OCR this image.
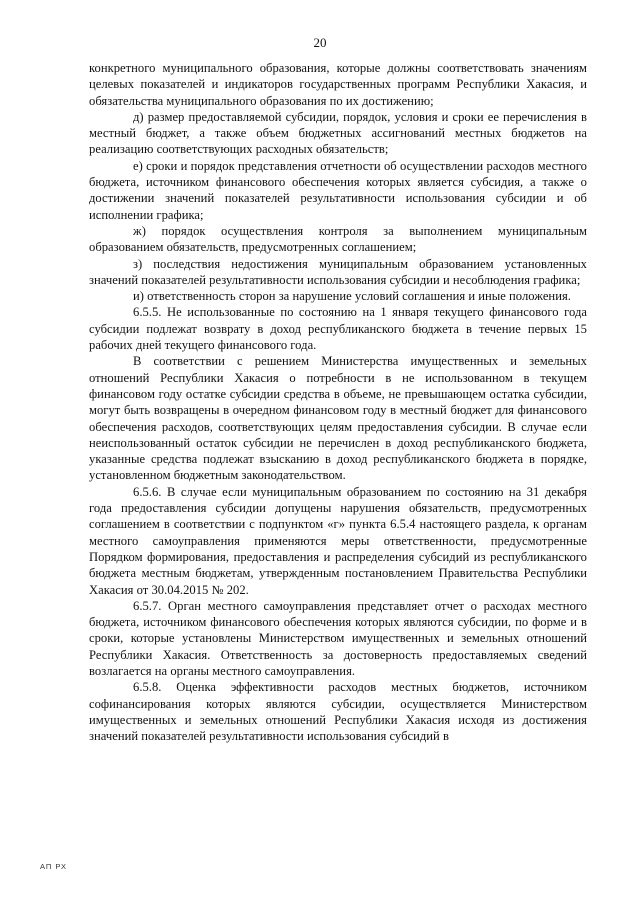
20

конкретного муниципального образования, которые должны соответствовать значениям целевых показателей и индикаторов государственных программ Республики Хакасия, и обязательства муниципального образования по их достижению;

д) размер предоставляемой субсидии, порядок, условия и сроки ее перечисления в местный бюджет, а также объем бюджетных ассигнований местных бюджетов на реализацию соответствующих расходных обязательств;

е) сроки и порядок представления отчетности об осуществлении расходов местного бюджета, источником финансового обеспечения которых является субсидия, а также о достижении значений показателей результативности использования субсидии и об исполнении графика;

ж) порядок осуществления контроля за выполнением муниципальным образованием обязательств, предусмотренных соглашением;

з) последствия недостижения муниципальным образованием установленных значений показателей результативности использования субсидии и несоблюдения графика;

и) ответственность сторон за нарушение условий соглашения и иные положения.

6.5.5. Не использованные по состоянию на 1 января текущего финансового года субсидии подлежат возврату в доход республиканского бюджета в течение первых 15 рабочих дней текущего финансового года.

В соответствии с решением Министерства имущественных и земельных отношений Республики Хакасия о потребности в не использованном в текущем финансовом году остатке субсидии средства в объеме, не превышающем остатка субсидии, могут быть возвращены в очередном финансовом году в местный бюджет для финансового обеспечения расходов, соответствующих целям предоставления субсидии. В случае если неиспользованный остаток субсидии не перечислен в доход республиканского бюджета, указанные средства подлежат взысканию в доход республиканского бюджета в порядке, установленном бюджетным законодательством.

6.5.6. В случае если муниципальным образованием по состоянию на 31 декабря года предоставления субсидии допущены нарушения обязательств, предусмотренных соглашением в соответствии с подпунктом «г» пункта 6.5.4 настоящего раздела, к органам местного самоуправления применяются меры ответственности, предусмотренные Порядком формирования, предоставления и распределения субсидий из республиканского бюджета местным бюджетам, утвержденным постановлением Правительства Республики Хакасия от 30.04.2015 № 202.

6.5.7. Орган местного самоуправления представляет отчет о расходах местного бюджета, источником финансового обеспечения которых являются субсидии, по форме и в сроки, которые установлены Министерством имущественных и земельных отношений Республики Хакасия. Ответственность за достоверность предоставляемых сведений возлагается на органы местного самоуправления.

6.5.8. Оценка эффективности расходов местных бюджетов, источником софинансирования которых являются субсидии, осуществляется Министерством имущественных и земельных отношений Республики Хакасия исходя из достижения значений показателей результативности использования субсидий в

АП РХ
